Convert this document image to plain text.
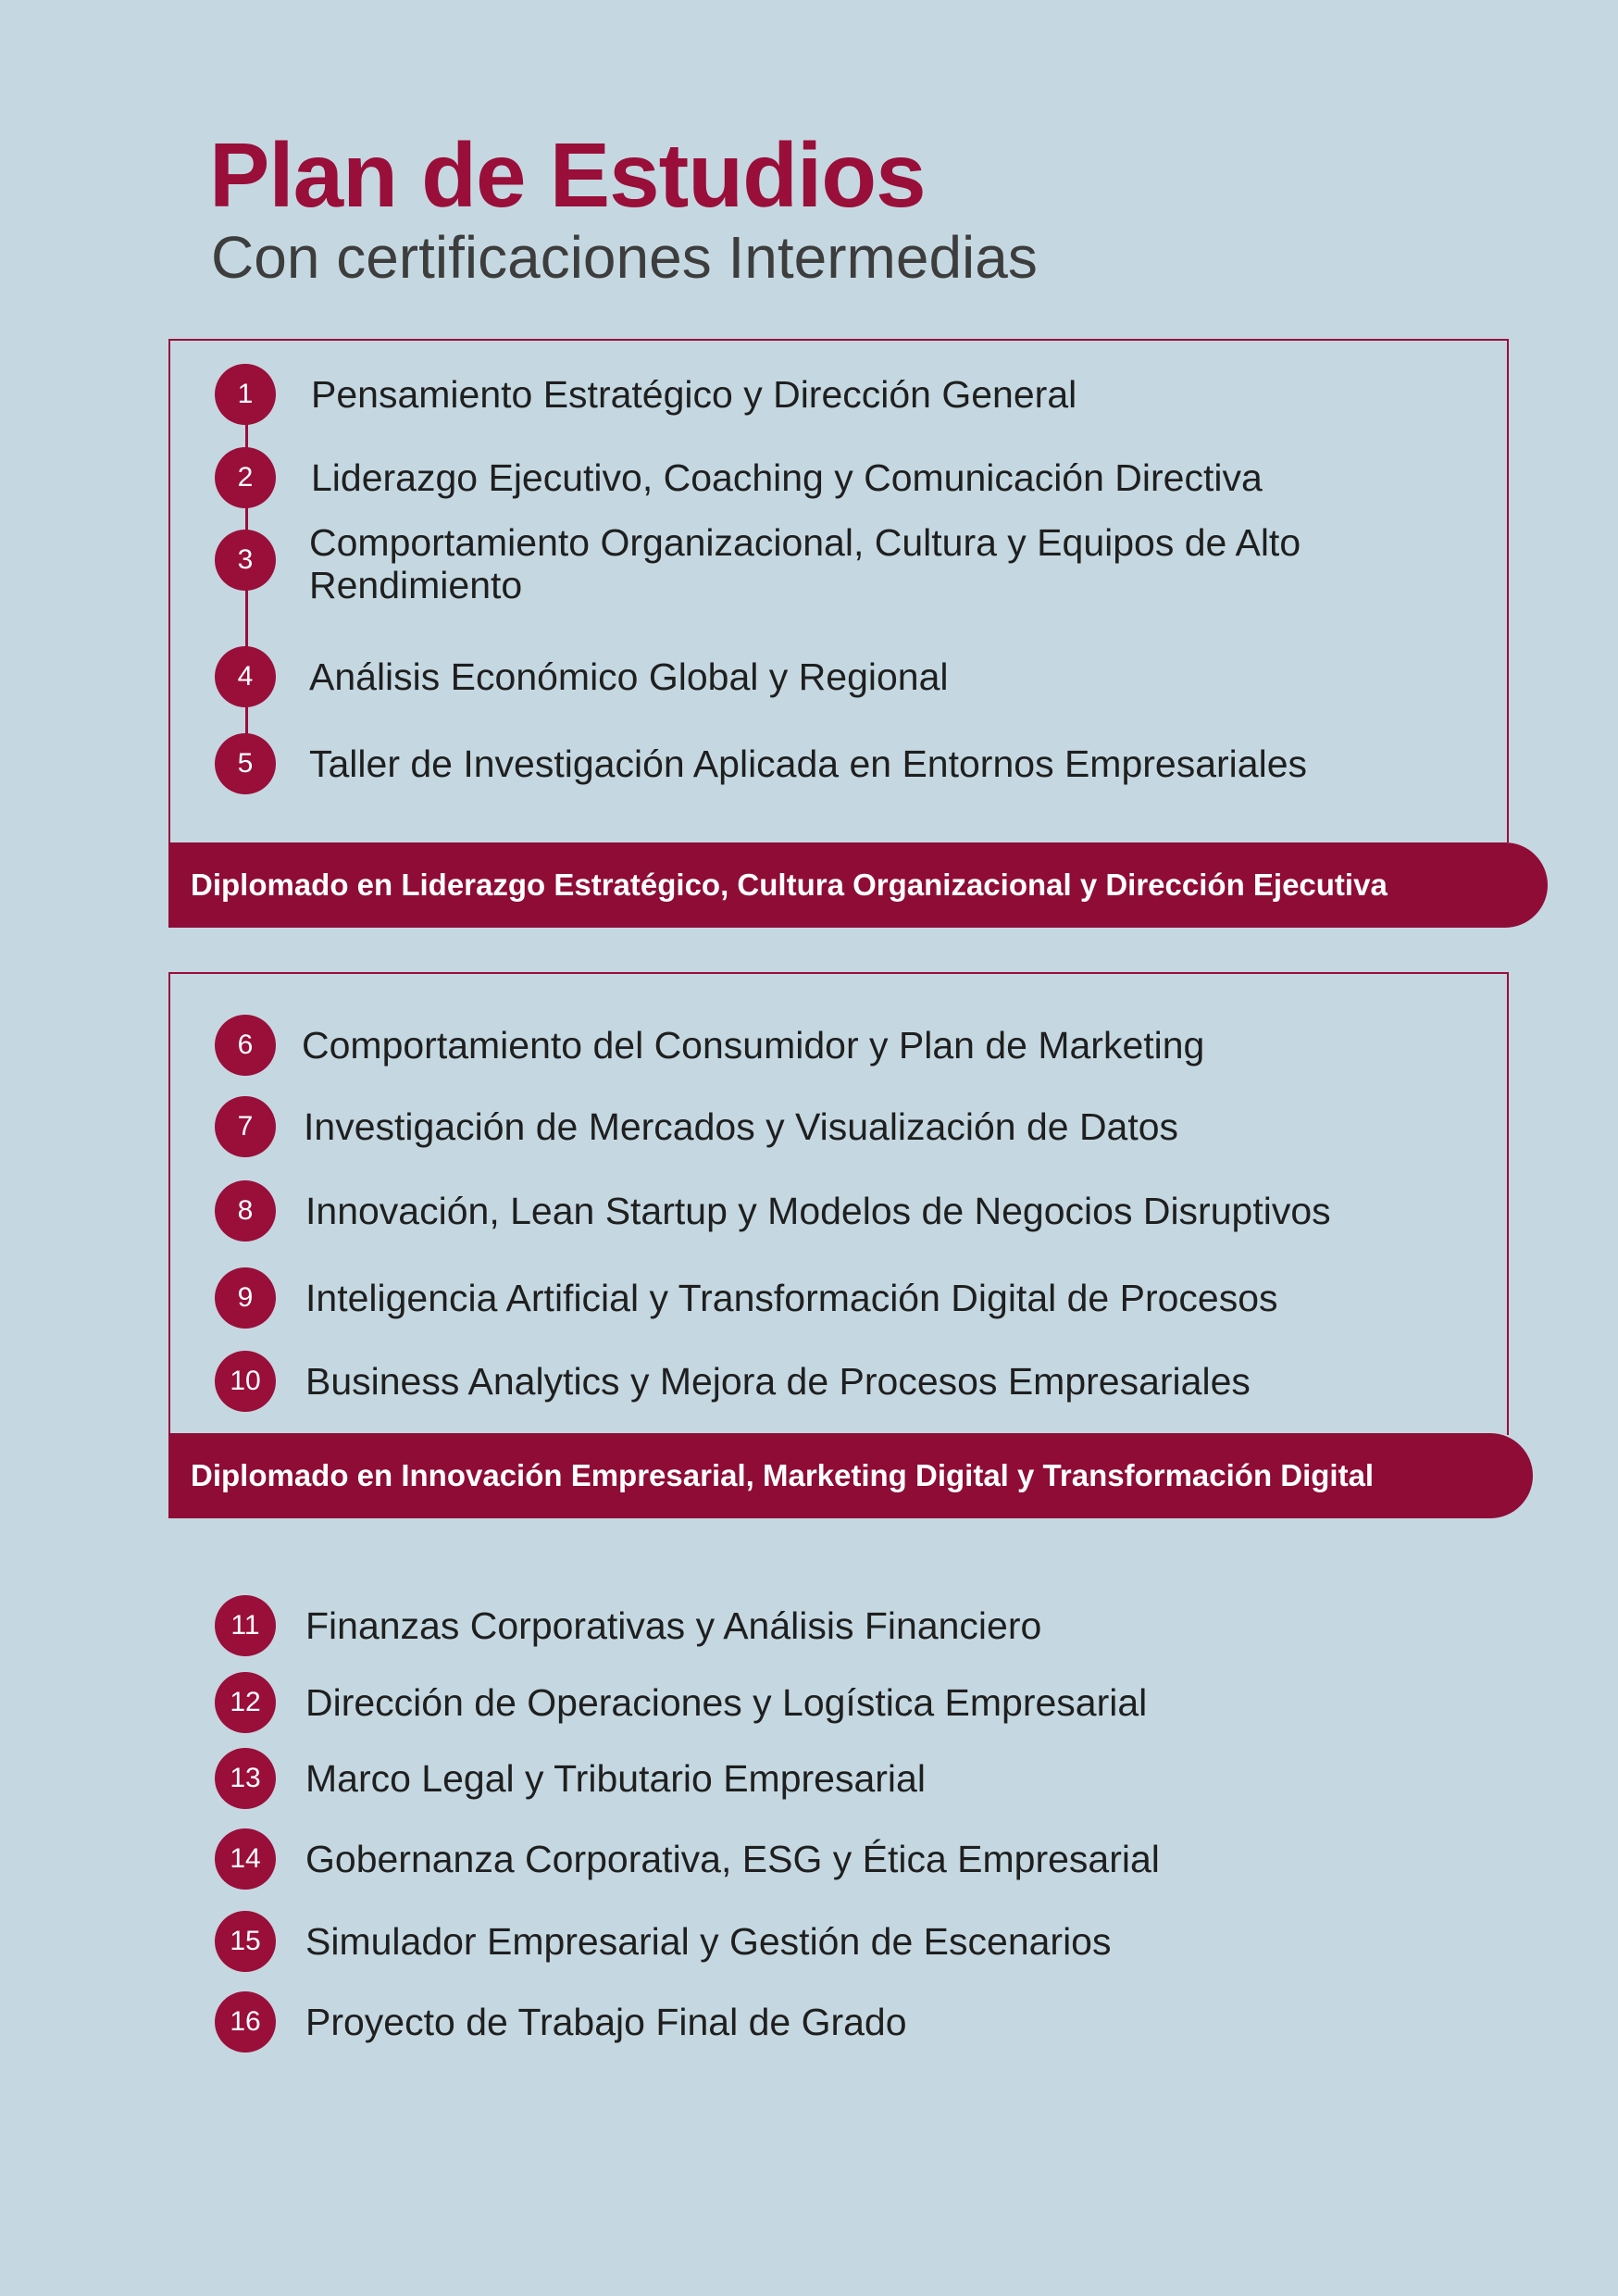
Plan de Estudios
Con certificaciones Intermedias
1	Pensamiento Estratégico y Dirección General
2	Liderazgo Ejecutivo, Coaching y Comunicación Directiva
3	Comportamiento Organizacional, Cultura y Equipos de Alto Rendimiento
4	Análisis Económico Global y Regional
5	Taller de Investigación Aplicada en Entornos Empresariales
Diplomado en Liderazgo Estratégico, Cultura Organizacional y Dirección Ejecutiva
6	Comportamiento del Consumidor y Plan de Marketing
7	Investigación de Mercados y Visualización de Datos
8	Innovación, Lean Startup y Modelos de Negocios Disruptivos
9	Inteligencia Artificial y Transformación Digital de Procesos
10	Business Analytics y Mejora de Procesos Empresariales
Diplomado en Innovación Empresarial, Marketing Digital y Transformación Digital
11	Finanzas Corporativas y Análisis Financiero
12	Dirección de Operaciones y Logística Empresarial
13	Marco Legal y Tributario Empresarial
14	Gobernanza Corporativa, ESG y Ética Empresarial
15	Simulador Empresarial y Gestión de Escenarios
16	Proyecto de Trabajo Final de Grado
